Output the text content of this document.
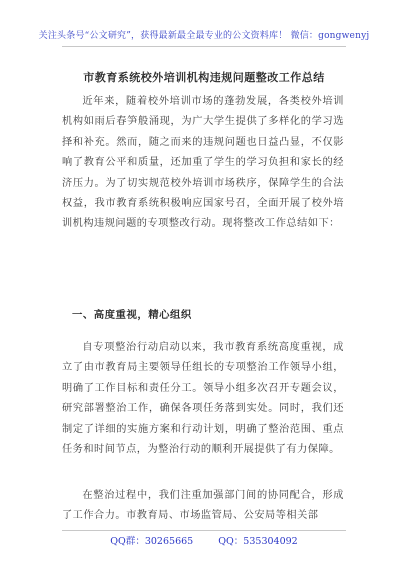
关注头条号“公文研究”，获得最新最全最专业的公文资料库！ 微信：gongwenyj
市教育系统校外培训机构违规问题整改工作总结

近年来，随着校外培训市场的蓬勃发展，各类校外培训机构如雨后春笋般涌现，为广大学生提供了多样化的学习选择和补充。然而，随之而来的违规问题也日益凸显，不仅影响了教育公平和质量，还加重了学生的学习负担和家长的经济压力。为了切实规范校外培训市场秩序，保障学生的合法权益，我市教育系统积极响应国家号召，全面开展了校外培训机构违规问题的专项整改行动。现将整改工作总结如下：

一、高度重视，精心组织

自专项整治行动启动以来，我市教育系统高度重视，成立了由市教育局主要领导任组长的专项整治工作领导小组，明确了工作目标和责任分工。领导小组多次召开专题会议，研究部署整治工作，确保各项任务落到实处。同时，我们还制定了详细的实施方案和行动计划，明确了整治范围、重点任务和时间节点，为整治行动的顺利开展提供了有力保障。

在整治过程中，我们注重加强部门间的协同配合，形成了工作合力。市教育局、市场监管局、公安局等相关部

QQ群：30265665	QQ：535304092
